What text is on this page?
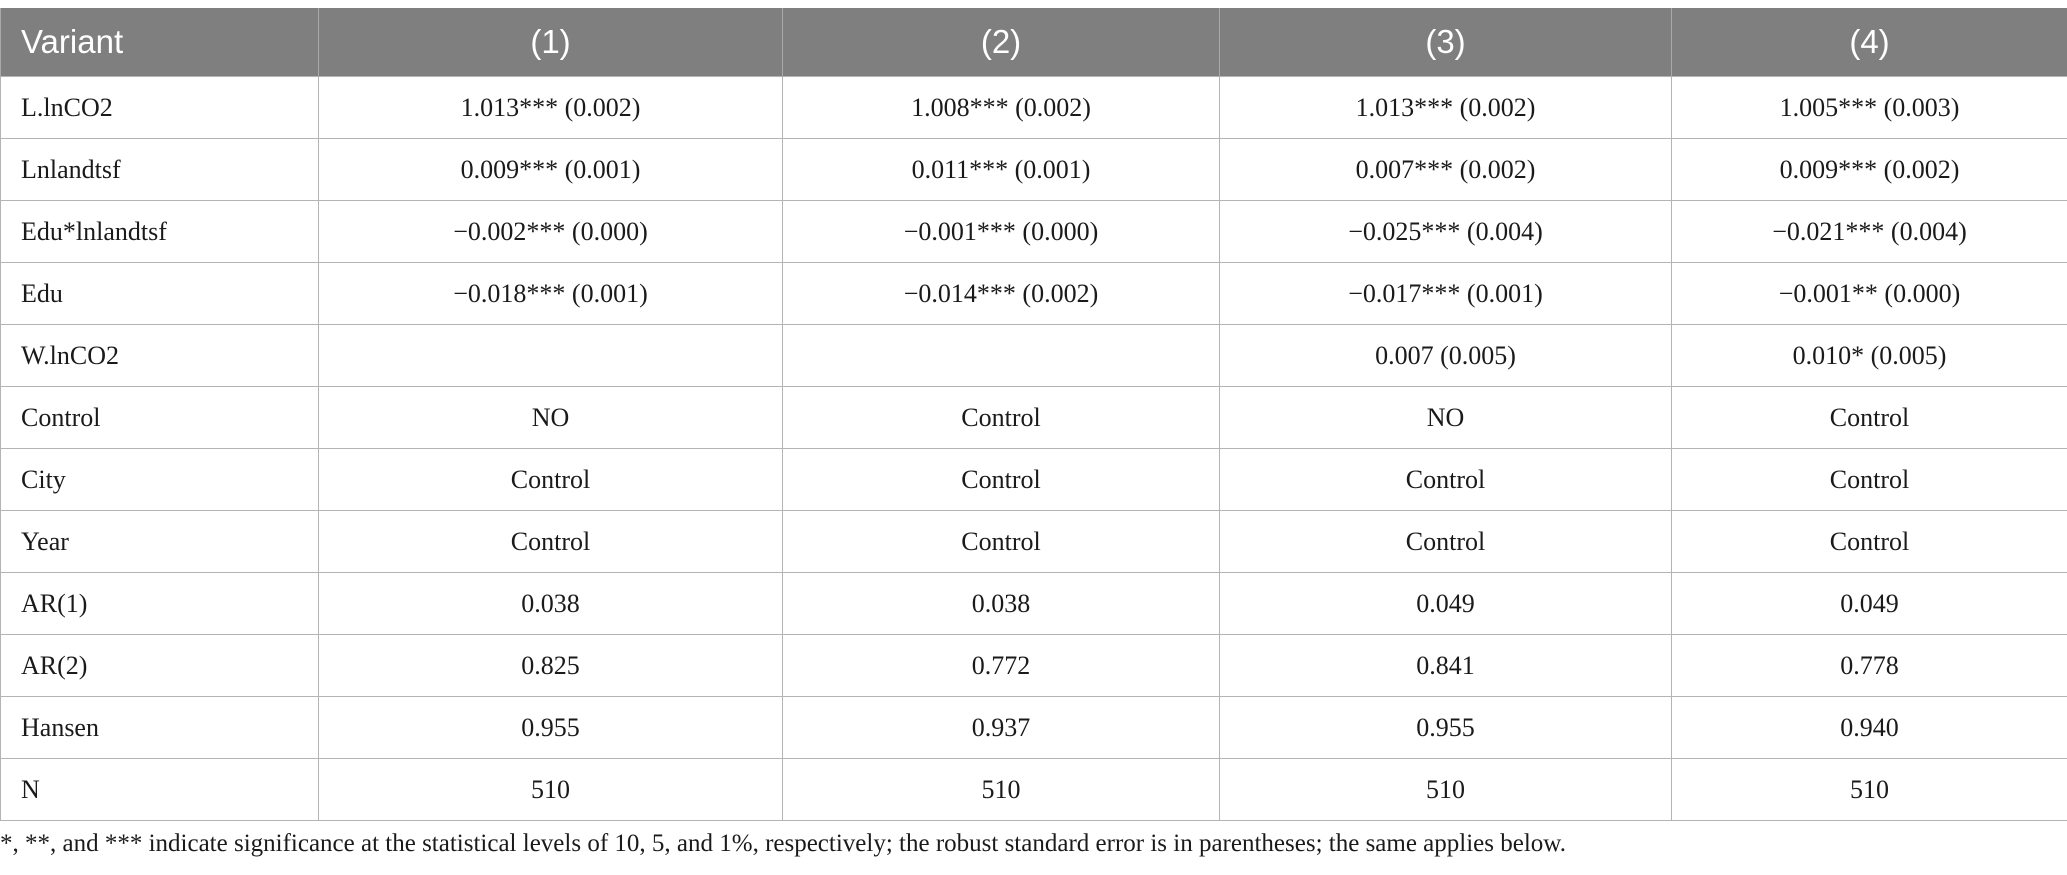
Variant	(1)	(2)	(3)	(4)
L.lnCO2	1.013*** (0.002)	1.008*** (0.002)	1.013*** (0.002)	1.005*** (0.003)
Lnlandtsf	0.009*** (0.001)	0.011*** (0.001)	0.007*** (0.002)	0.009*** (0.002)
Edu*lnlandtsf	−0.002*** (0.000)	−0.001*** (0.000)	−0.025*** (0.004)	−0.021*** (0.004)
Edu	−0.018*** (0.001)	−0.014*** (0.002)	−0.017*** (0.001)	−0.001** (0.000)
W.lnCO2			0.007 (0.005)	0.010* (0.005)
Control	NO	Control	NO	Control
City	Control	Control	Control	Control
Year	Control	Control	Control	Control
AR(1)	0.038	0.038	0.049	0.049
AR(2)	0.825	0.772	0.841	0.778
Hansen	0.955	0.937	0.955	0.940
N	510	510	510	510
*, **, and *** indicate significance at the statistical levels of 10, 5, and 1%, respectively; the robust standard error is in parentheses; the same applies below.
